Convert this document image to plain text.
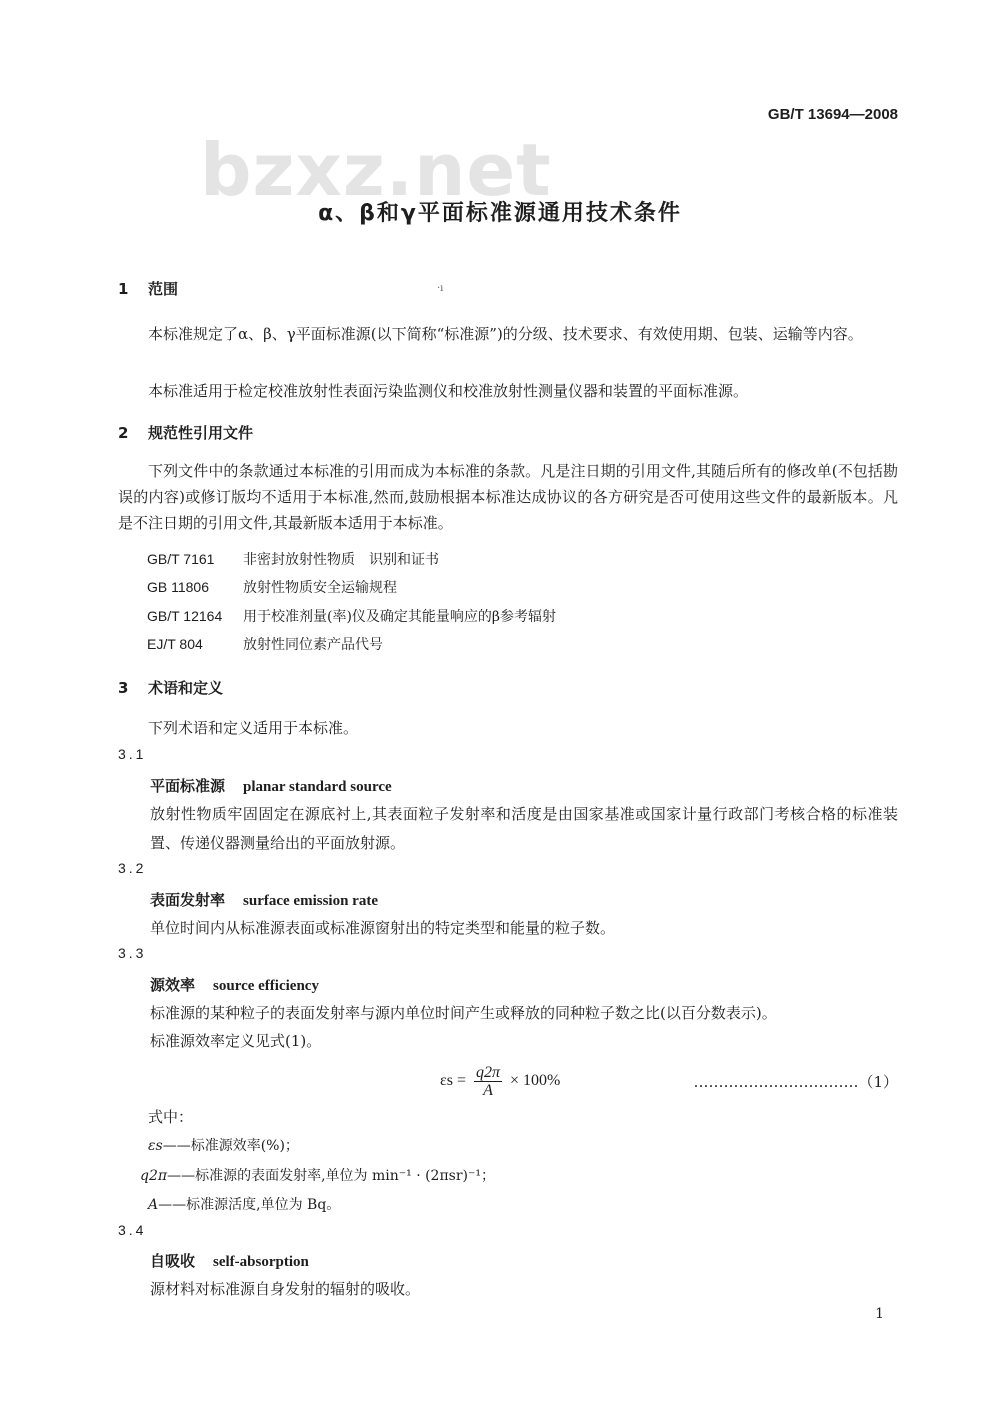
GB/T 13694—2008
bzxz.net
α、β和γ平面标准源通用技术条件
·ı
1 范围
本标准规定了α、β、γ平面标准源(以下简称“标准源”)的分级、技术要求、有效使用期、包装、运输等内容。
本标准适用于检定校准放射性表面污染监测仪和校准放射性测量仪器和装置的平面标准源。
2 规范性引用文件
下列文件中的条款通过本标准的引用而成为本标准的条款。凡是注日期的引用文件,其随后所有的修改单(不包括勘误的内容)或修订版均不适用于本标准,然而,鼓励根据本标准达成协议的各方研究是否可使用这些文件的最新版本。凡是不注日期的引用文件,其最新版本适用于本标准。
GB/T 7161 非密封放射性物质　识别和证书
GB 11806 放射性物质安全运输规程
GB/T 12164 用于校准剂量(率)仪及确定其能量响应的β参考辐射
EJ/T 804	放射性同位素产品代号
3 术语和定义
下列术语和定义适用于本标准。
3.1
平面标准源 planar standard source
放射性物质牢固固定在源底衬上,其表面粒子发射率和活度是由国家基准或国家计量行政部门考核合格的标准装置、传递仪器测量给出的平面放射源。
3.2
表面发射率 surface emission rate
单位时间内从标准源表面或标准源窗射出的特定类型和能量的粒子数。
3.3
源效率 source efficiency
标准源的某种粒子的表面发射率与源内单位时间产生或释放的同种粒子数之比(以百分数表示)。
标准源效率定义见式(1)。
$\varepsilon s = \frac{q2\pi}{A} \times 100\%$	……………………………（1）
式中：
εs——标准源效率(%)；
q2π——标准源的表面发射率,单位为 min⁻¹ · (2πsr)⁻¹；
A——标准源活度,单位为 Bq。
3.4
自吸收 self-absorption
源材料对标准源自身发射的辐射的吸收。
1
